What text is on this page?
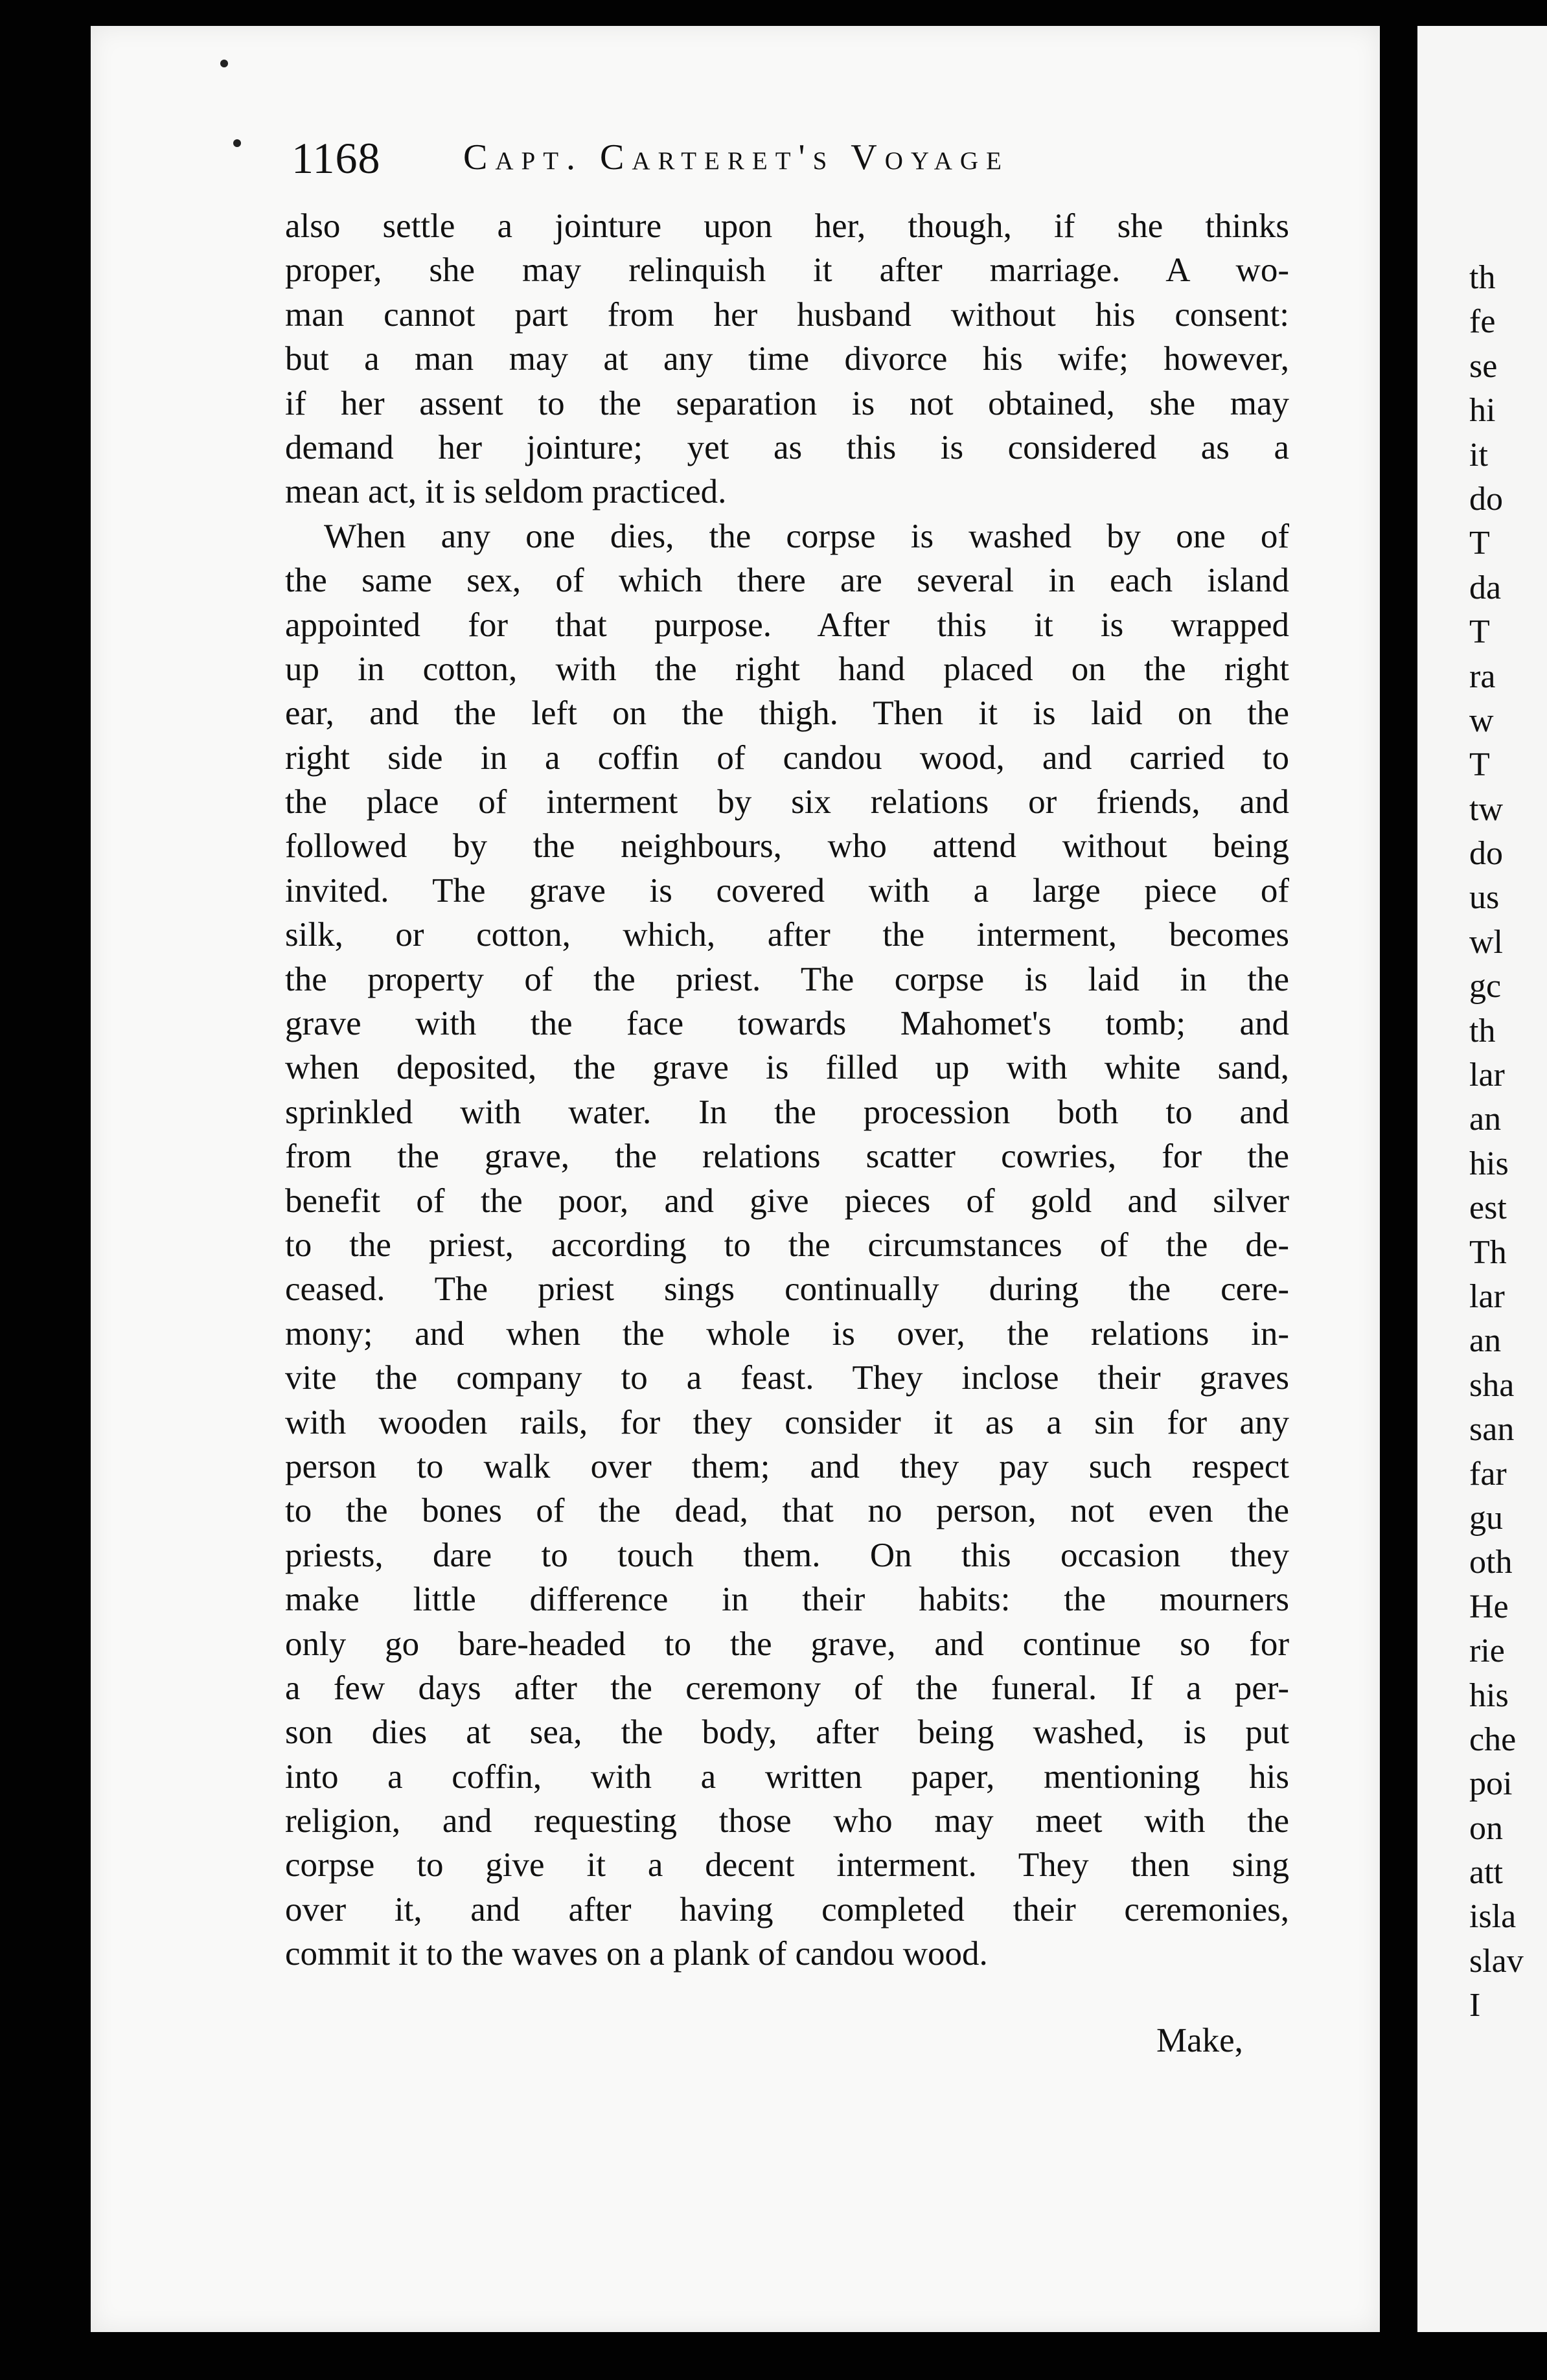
1168 Capt. Carteret's Voyage
also settle a jointure upon her, though, if she thinks
proper, she may relinquish it after marriage. A wo-
man cannot part from her husband without his consent:
but a man may at any time divorce his wife; however,
if her assent to the separation is not obtained, she may
demand her jointure; yet as this is considered as a
mean act, it is seldom practiced.
When any one dies, the corpse is washed by one of
the same sex, of which there are several in each island
appointed for that purpose. After this it is wrapped
up in cotton, with the right hand placed on the right
ear, and the left on the thigh. Then it is laid on the
right side in a coffin of candou wood, and carried to
the place of interment by six relations or friends, and
followed by the neighbours, who attend without being
invited. The grave is covered with a large piece of
silk, or cotton, which, after the interment, becomes
the property of the priest. The corpse is laid in the
grave with the face towards Mahomet's tomb; and
when deposited, the grave is filled up with white sand,
sprinkled with water. In the procession both to and
from the grave, the relations scatter cowries, for the
benefit of the poor, and give pieces of gold and silver
to the priest, according to the circumstances of the de-
ceased. The priest sings continually during the cere-
mony; and when the whole is over, the relations in-
vite the company to a feast. They inclose their graves
with wooden rails, for they consider it as a sin for any
person to walk over them; and they pay such respect
to the bones of the dead, that no person, not even the
priests, dare to touch them. On this occasion they
make little difference in their habits: the mourners
only go bare-headed to the grave, and continue so for
a few days after the ceremony of the funeral. If a per-
son dies at sea, the body, after being washed, is put
into a coffin, with a written paper, mentioning his
religion, and requesting those who may meet with the
corpse to give it a decent interment. They then sing
over it, and after having completed their ceremonies,
commit it to the waves on a plank of candou wood.
Make,
th
fe
se
hi
it
do
T
da
T
ra
w
T
tw
do
us
wl
gc
th
lar
an
his
est
Th
lar
an
sha
san
far
gu
oth
He
rie
his
che
poi
on
att
isla
slav
I
